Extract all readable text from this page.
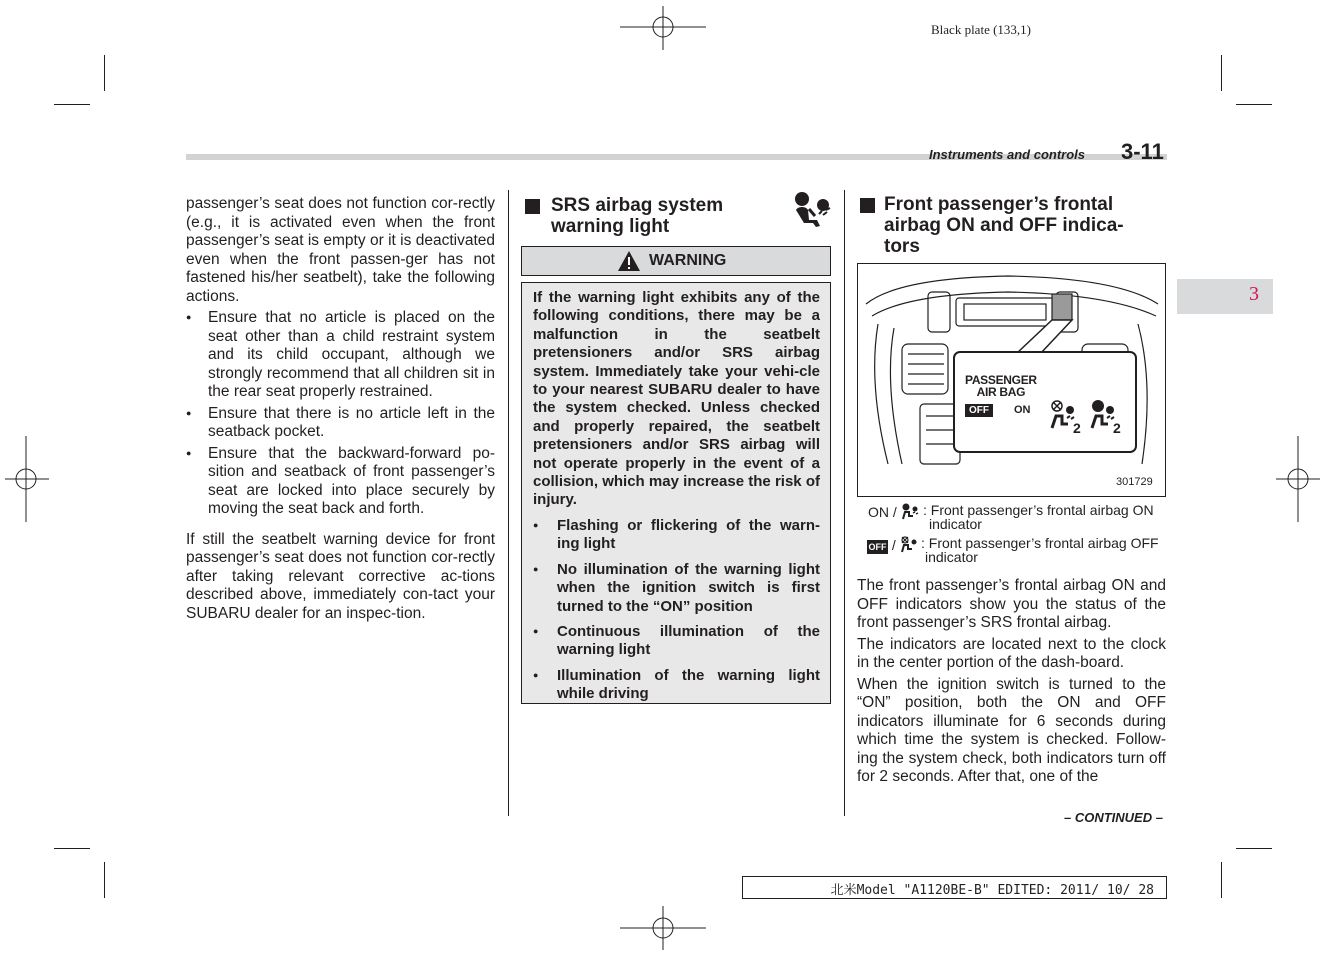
Black plate (133,1)
Instruments and controls 3-11
3

passenger’s seat does not function cor-rectly (e.g., it is activated even when the front passenger’s seat is empty or it is deactivated even when the front passen-ger has not fastened his/her seatbelt), take the following actions.

● Ensure that no article is placed on the seat other than a child restraint system and its child occupant, although we strongly recommend that all children sit in the rear seat properly restrained.

● Ensure that there is no article left in the seatback pocket.

● Ensure that the backward-forward po-sition and seatback of front passenger’s seat are locked into place securely by moving the seat back and forth.

If still the seatbelt warning device for front passenger’s seat does not function cor-rectly after taking relevant corrective ac-tions described above, immediately con-tact your SUBARU dealer for an inspec-tion.

SRS airbag system
warning light
WARNING

If the warning light exhibits any of the following conditions, there may be a malfunction in the seatbelt pretensioners and/or SRS airbag system. Immediately take your vehi-cle to your nearest SUBARU dealer to have the system checked. Unless checked and properly repaired, the seatbelt pretensioners and/or SRS airbag will not operate properly in the event of a collision, which may increase the risk of injury.

● Flashing or flickering of the warn-ing light

● No illumination of the warning light when the ignition switch is first turned to the “ON” position

● Continuous illumination of the warning light

● Illumination of the warning light while driving

Front passenger’s frontal
airbag ON and OFF indica-
tors
PASSENGER
AIR BAG
OFF	ON
2 2
301729
ON /	: Front passenger’s frontal airbag ON
indicator
OFF /	: Front passenger’s frontal airbag OFF
indicator

The front passenger’s frontal airbag ON and OFF indicators show you the status of the front passenger’s SRS frontal airbag.

The indicators are located next to the clock in the center portion of the dash-board.

When the ignition switch is turned to the “ON” position, both the ON and OFF indicators illuminate for 6 seconds during which time the system is checked. Follow-ing the system check, both indicators turn off for 2 seconds. After that, one of the

– CONTINUED –
北米Model "A1120BE-B" EDITED: 2011/ 10/ 28
